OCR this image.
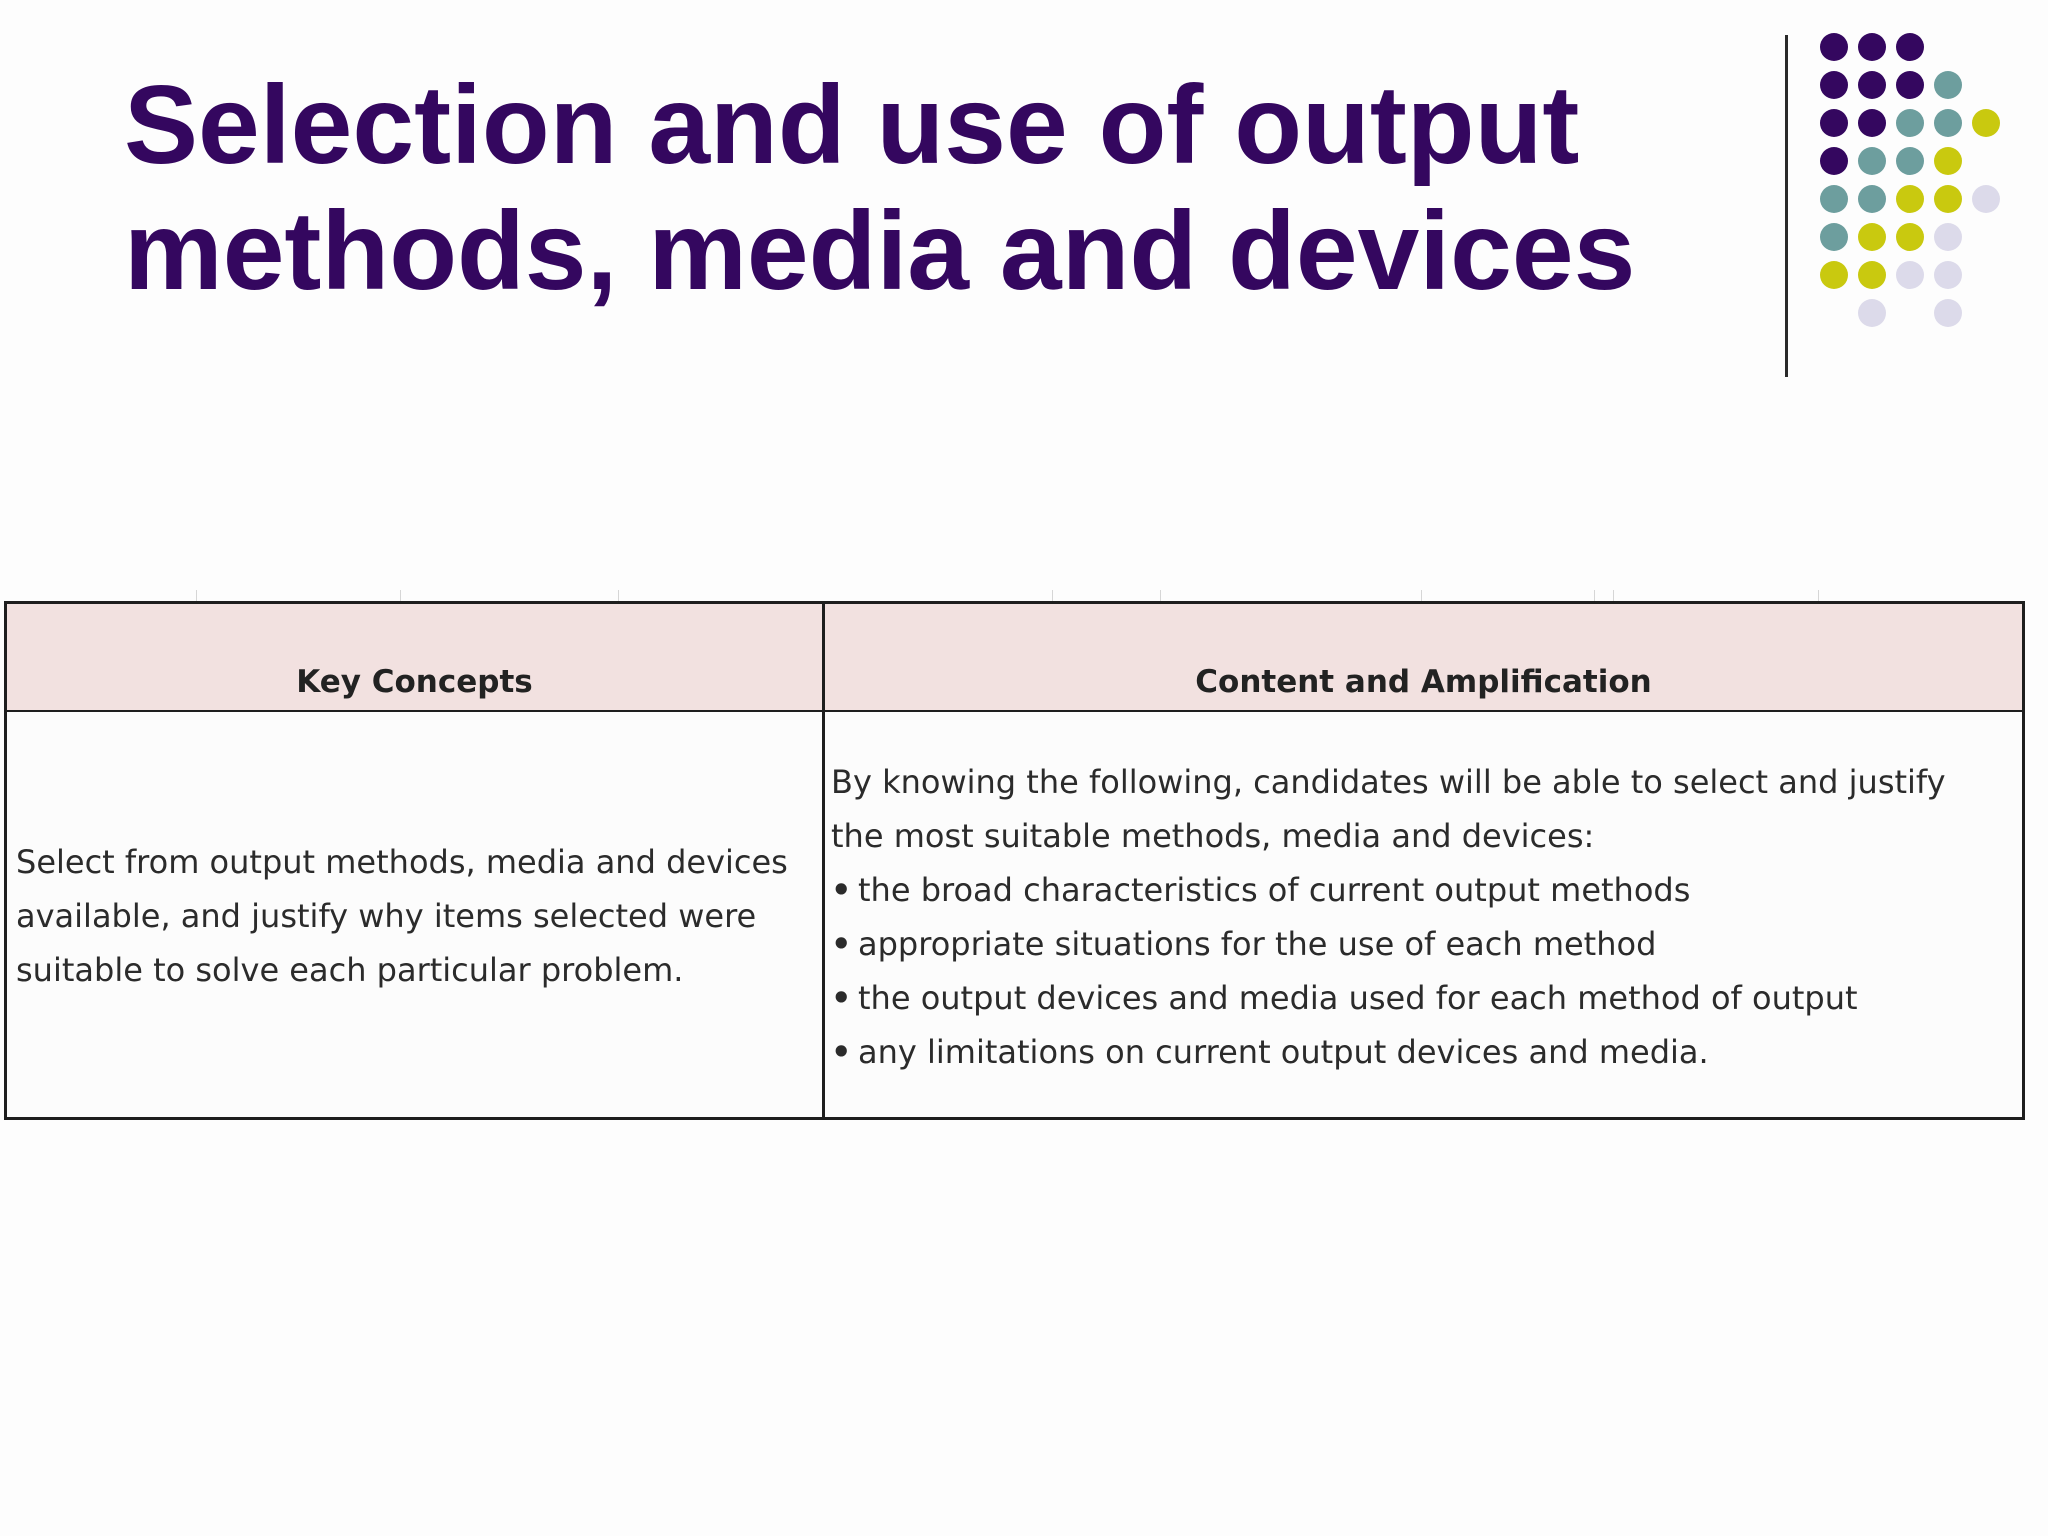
Selection and use of output
methods, media and devices
Key Concepts	Content and Amplification
Select from output methods, media and devices
available, and justify why items selected were
suitable to solve each particular problem.
By knowing the following, candidates will be able to select and justify
the most suitable methods, media and devices:
• the broad characteristics of current output methods
• appropriate situations for the use of each method
• the output devices and media used for each method of output
• any limitations on current output devices and media.
